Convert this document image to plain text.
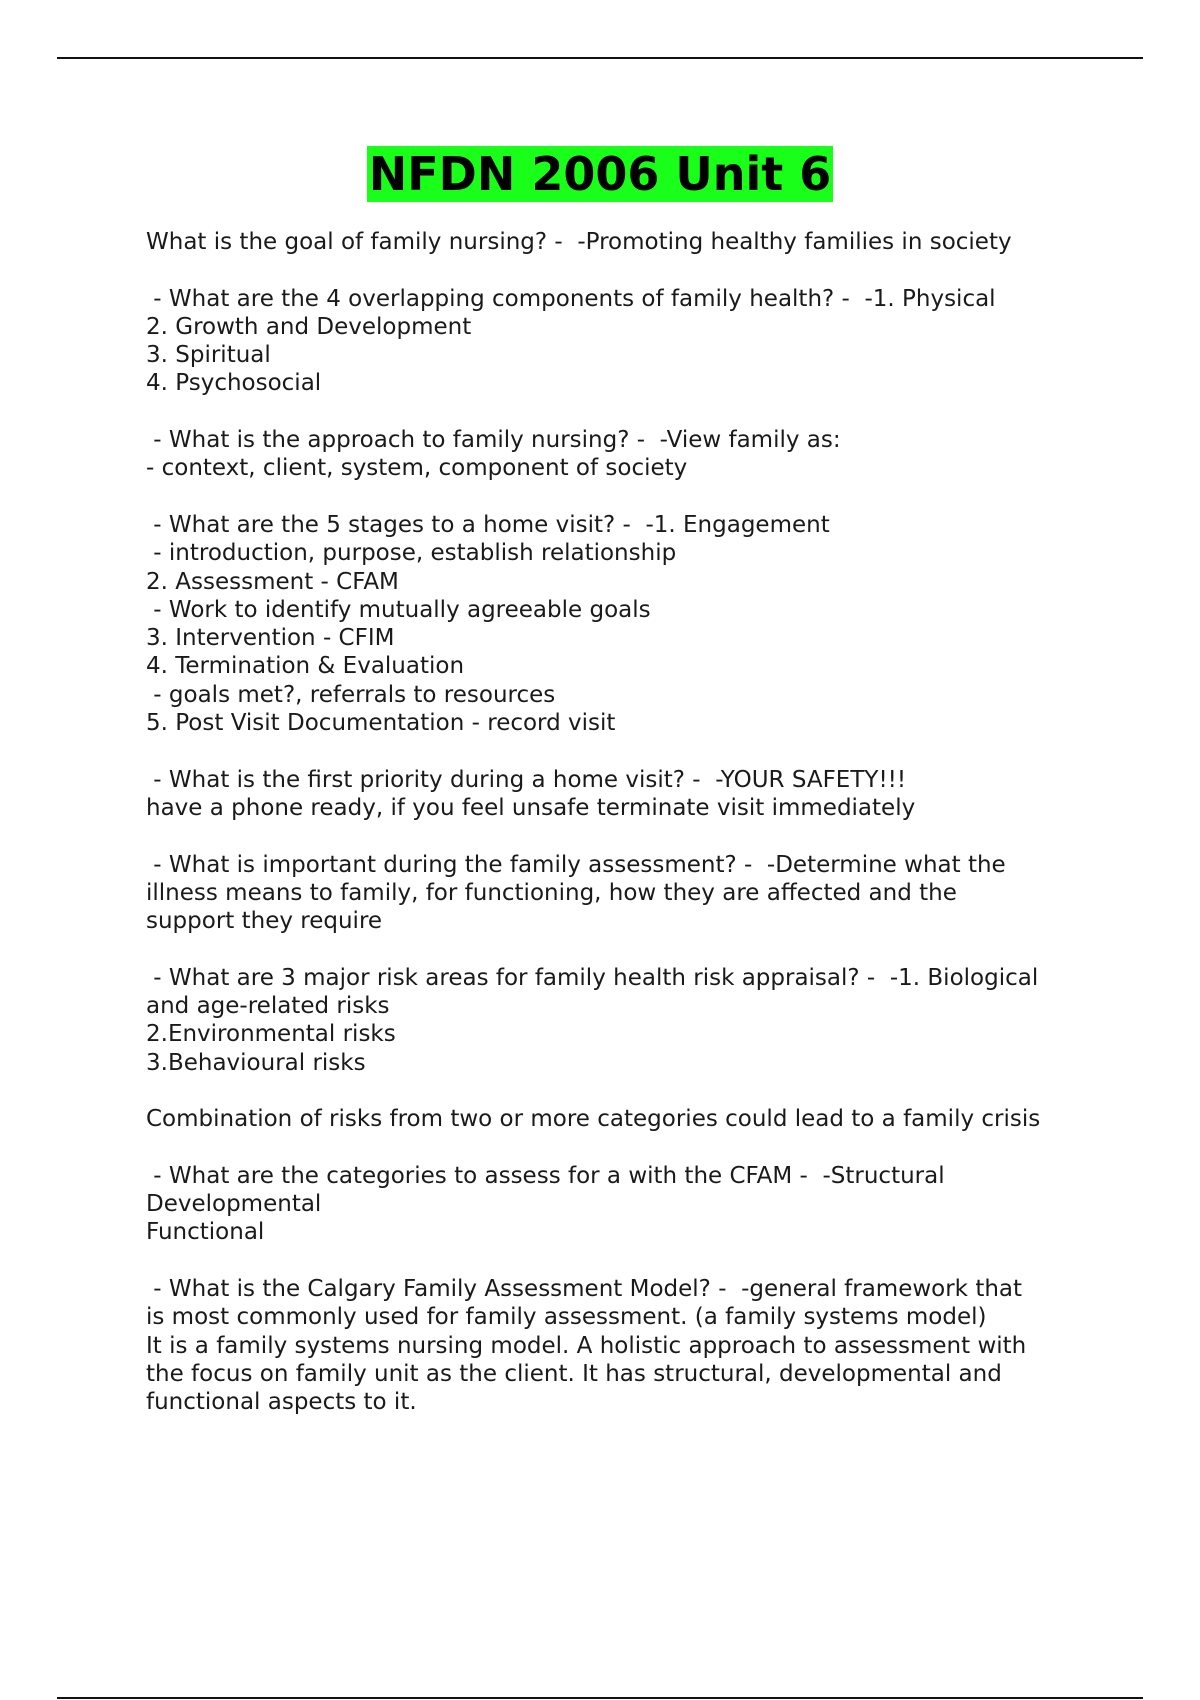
NFDN 2006 Unit 6
What is the goal of family nursing? -  -Promoting healthy families in society
- What are the 4 overlapping components of family health? -  -1. Physical
2. Growth and Development
3. Spiritual
4. Psychosocial
- What is the approach to family nursing? -  -View family as:
- context, client, system, component of society
- What are the 5 stages to a home visit? -  -1. Engagement
- introduction, purpose, establish relationship
2. Assessment - CFAM
- Work to identify mutually agreeable goals
3. Intervention - CFIM
4. Termination & Evaluation
- goals met?, referrals to resources
5. Post Visit Documentation - record visit
- What is the first priority during a home visit? -  -YOUR SAFETY!!!
have a phone ready, if you feel unsafe terminate visit immediately
- What is important during the family assessment? -  -Determine what the
illness means to family, for functioning, how they are affected and the
support they require
- What are 3 major risk areas for family health risk appraisal? -  -1. Biological
and age-related risks
2.Environmental risks
3.Behavioural risks
Combination of risks from two or more categories could lead to a family crisis
- What are the categories to assess for a with the CFAM -  -Structural
Developmental
Functional
- What is the Calgary Family Assessment Model? -  -general framework that
is most commonly used for family assessment. (a family systems model)
It is a family systems nursing model. A holistic approach to assessment with
the focus on family unit as the client. It has structural, developmental and
functional aspects to it.
